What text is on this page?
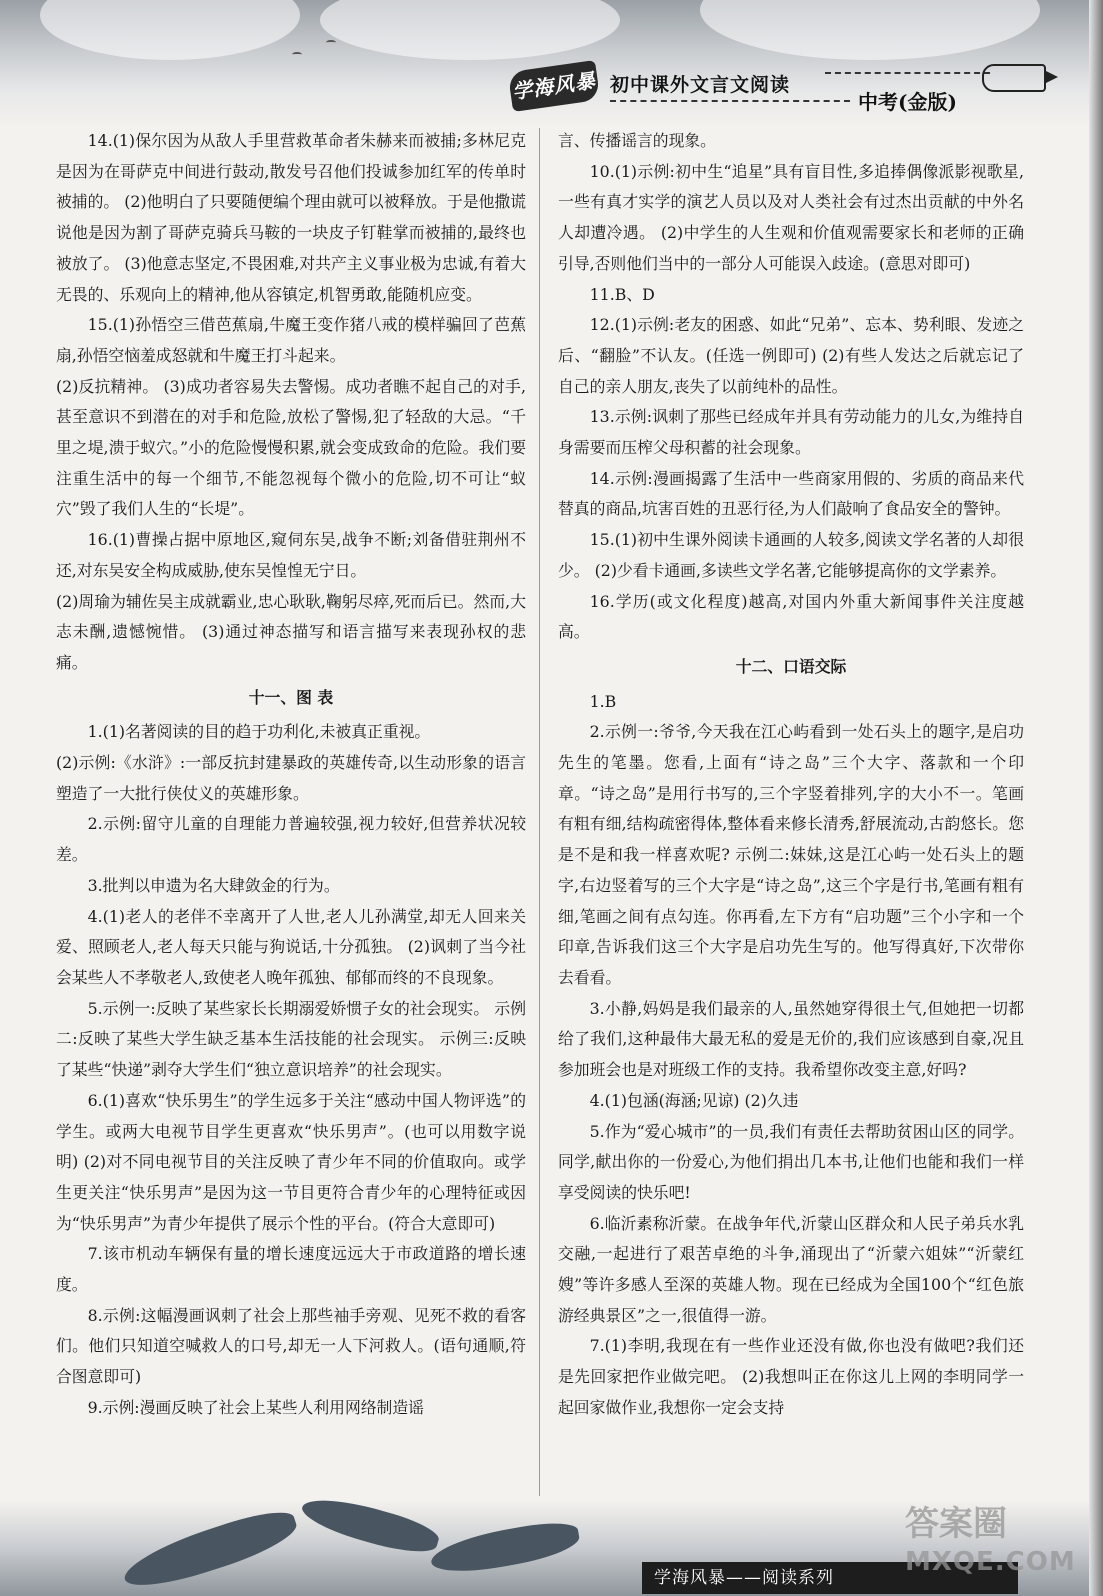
学海风暴 初中课外文言文阅读
中考(金版)

14.(1)保尔因为从敌人手里营救革命者朱赫来而被捕;多林尼克是因为在哥萨克中间进行鼓动,散发号召他们投诚参加红军的传单时被捕的。 (2)他明白了只要随便编个理由就可以被释放。于是他撒谎说他是因为割了哥萨克骑兵马鞍的一块皮子钉鞋掌而被捕的,最终也被放了。 (3)他意志坚定,不畏困难,对共产主义事业极为忠诚,有着大无畏的、乐观向上的精神,他从容镇定,机智勇敢,能随机应变。

15.(1)孙悟空三借芭蕉扇,牛魔王变作猪八戒的模样骗回了芭蕉扇,孙悟空恼羞成怒就和牛魔王打斗起来。

(2)反抗精神。 (3)成功者容易失去警惕。成功者瞧不起自己的对手,甚至意识不到潜在的对手和危险,放松了警惕,犯了轻敌的大忌。“千里之堤,溃于蚁穴。”小的危险慢慢积累,就会变成致命的危险。我们要注重生活中的每一个细节,不能忽视每个微小的危险,切不可让“蚁穴”毁了我们人生的“长堤”。

16.(1)曹操占据中原地区,窥伺东吴,战争不断;刘备借驻荆州不还,对东吴安全构成威胁,使东吴惶惶无宁日。

(2)周瑜为辅佐吴主成就霸业,忠心耿耿,鞠躬尽瘁,死而后已。然而,大志未酬,遗憾惋惜。 (3)通过神态描写和语言描写来表现孙权的悲痛。

十一、图 表

1.(1)名著阅读的目的趋于功利化,未被真正重视。

(2)示例:《水浒》:一部反抗封建暴政的英雄传奇,以生动形象的语言塑造了一大批行侠仗义的英雄形象。

2.示例:留守儿童的自理能力普遍较强,视力较好,但营养状况较差。

3.批判以申遗为名大肆敛金的行为。

4.(1)老人的老伴不幸离开了人世,老人儿孙满堂,却无人回来关爱、照顾老人,老人每天只能与狗说话,十分孤独。 (2)讽刺了当今社会某些人不孝敬老人,致使老人晚年孤独、郁郁而终的不良现象。

5.示例一:反映了某些家长长期溺爱娇惯子女的社会现实。 示例二:反映了某些大学生缺乏基本生活技能的社会现实。 示例三:反映了某些“快递”剥夺大学生们“独立意识培养”的社会现实。

6.(1)喜欢“快乐男生”的学生远多于关注“感动中国人物评选”的学生。或两大电视节目学生更喜欢“快乐男声”。(也可以用数字说明) (2)对不同电视节目的关注反映了青少年不同的价值取向。或学生更关注“快乐男声”是因为这一节目更符合青少年的心理特征或因为“快乐男声”为青少年提供了展示个性的平台。(符合大意即可)

7.该市机动车辆保有量的增长速度远远大于市政道路的增长速度。

8.示例:这幅漫画讽刺了社会上那些袖手旁观、见死不救的看客们。他们只知道空喊救人的口号,却无一人下河救人。(语句通顺,符合图意即可)

9.示例:漫画反映了社会上某些人利用网络制造谣

言、传播谣言的现象。

10.(1)示例:初中生“追星”具有盲目性,多追捧偶像派影视歌星,一些有真才实学的演艺人员以及对人类社会有过杰出贡献的中外名人却遭冷遇。 (2)中学生的人生观和价值观需要家长和老师的正确引导,否则他们当中的一部分人可能误入歧途。(意思对即可)

11.B、D

12.(1)示例:老友的困惑、如此“兄弟”、忘本、势利眼、发迹之后、“翻脸”不认友。(任选一例即可) (2)有些人发达之后就忘记了自己的亲人朋友,丧失了以前纯朴的品性。

13.示例:讽刺了那些已经成年并具有劳动能力的儿女,为维持自身需要而压榨父母积蓄的社会现象。

14.示例:漫画揭露了生活中一些商家用假的、劣质的商品来代替真的商品,坑害百姓的丑恶行径,为人们敲响了食品安全的警钟。

15.(1)初中生课外阅读卡通画的人较多,阅读文学名著的人却很少。 (2)少看卡通画,多读些文学名著,它能够提高你的文学素养。

16.学历(或文化程度)越高,对国内外重大新闻事件关注度越高。

十二、口语交际

1.B

2.示例一:爷爷,今天我在江心屿看到一处石头上的题字,是启功先生的笔墨。您看,上面有“诗之岛”三个大字、落款和一个印章。“诗之岛”是用行书写的,三个字竖着排列,字的大小不一。笔画有粗有细,结构疏密得体,整体看来修长清秀,舒展流动,古韵悠长。您是不是和我一样喜欢呢? 示例二:妹妹,这是江心屿一处石头上的题字,右边竖着写的三个大字是“诗之岛”,这三个字是行书,笔画有粗有细,笔画之间有点勾连。你再看,左下方有“启功题”三个小字和一个印章,告诉我们这三个大字是启功先生写的。他写得真好,下次带你去看看。

3.小静,妈妈是我们最亲的人,虽然她穿得很土气,但她把一切都给了我们,这种最伟大最无私的爱是无价的,我们应该感到自豪,况且参加班会也是对班级工作的支持。我希望你改变主意,好吗?

4.(1)包涵(海涵;见谅) (2)久违

5.作为“爱心城市”的一员,我们有责任去帮助贫困山区的同学。同学,献出你的一份爱心,为他们捐出几本书,让他们也能和我们一样享受阅读的快乐吧!

6.临沂素称沂蒙。在战争年代,沂蒙山区群众和人民子弟兵水乳交融,一起进行了艰苦卓绝的斗争,涌现出了“沂蒙六姐妹”“沂蒙红嫂”等许多感人至深的英雄人物。现在已经成为全国100个“红色旅游经典景区”之一,很值得一游。

7.(1)李明,我现在有一些作业还没有做,你也没有做吧?我们还是先回家把作业做完吧。 (2)我想叫正在你这儿上网的李明同学一起回家做作业,我想你一定会支持

学海风暴——阅读系列
答案圈
MXQE.COM
